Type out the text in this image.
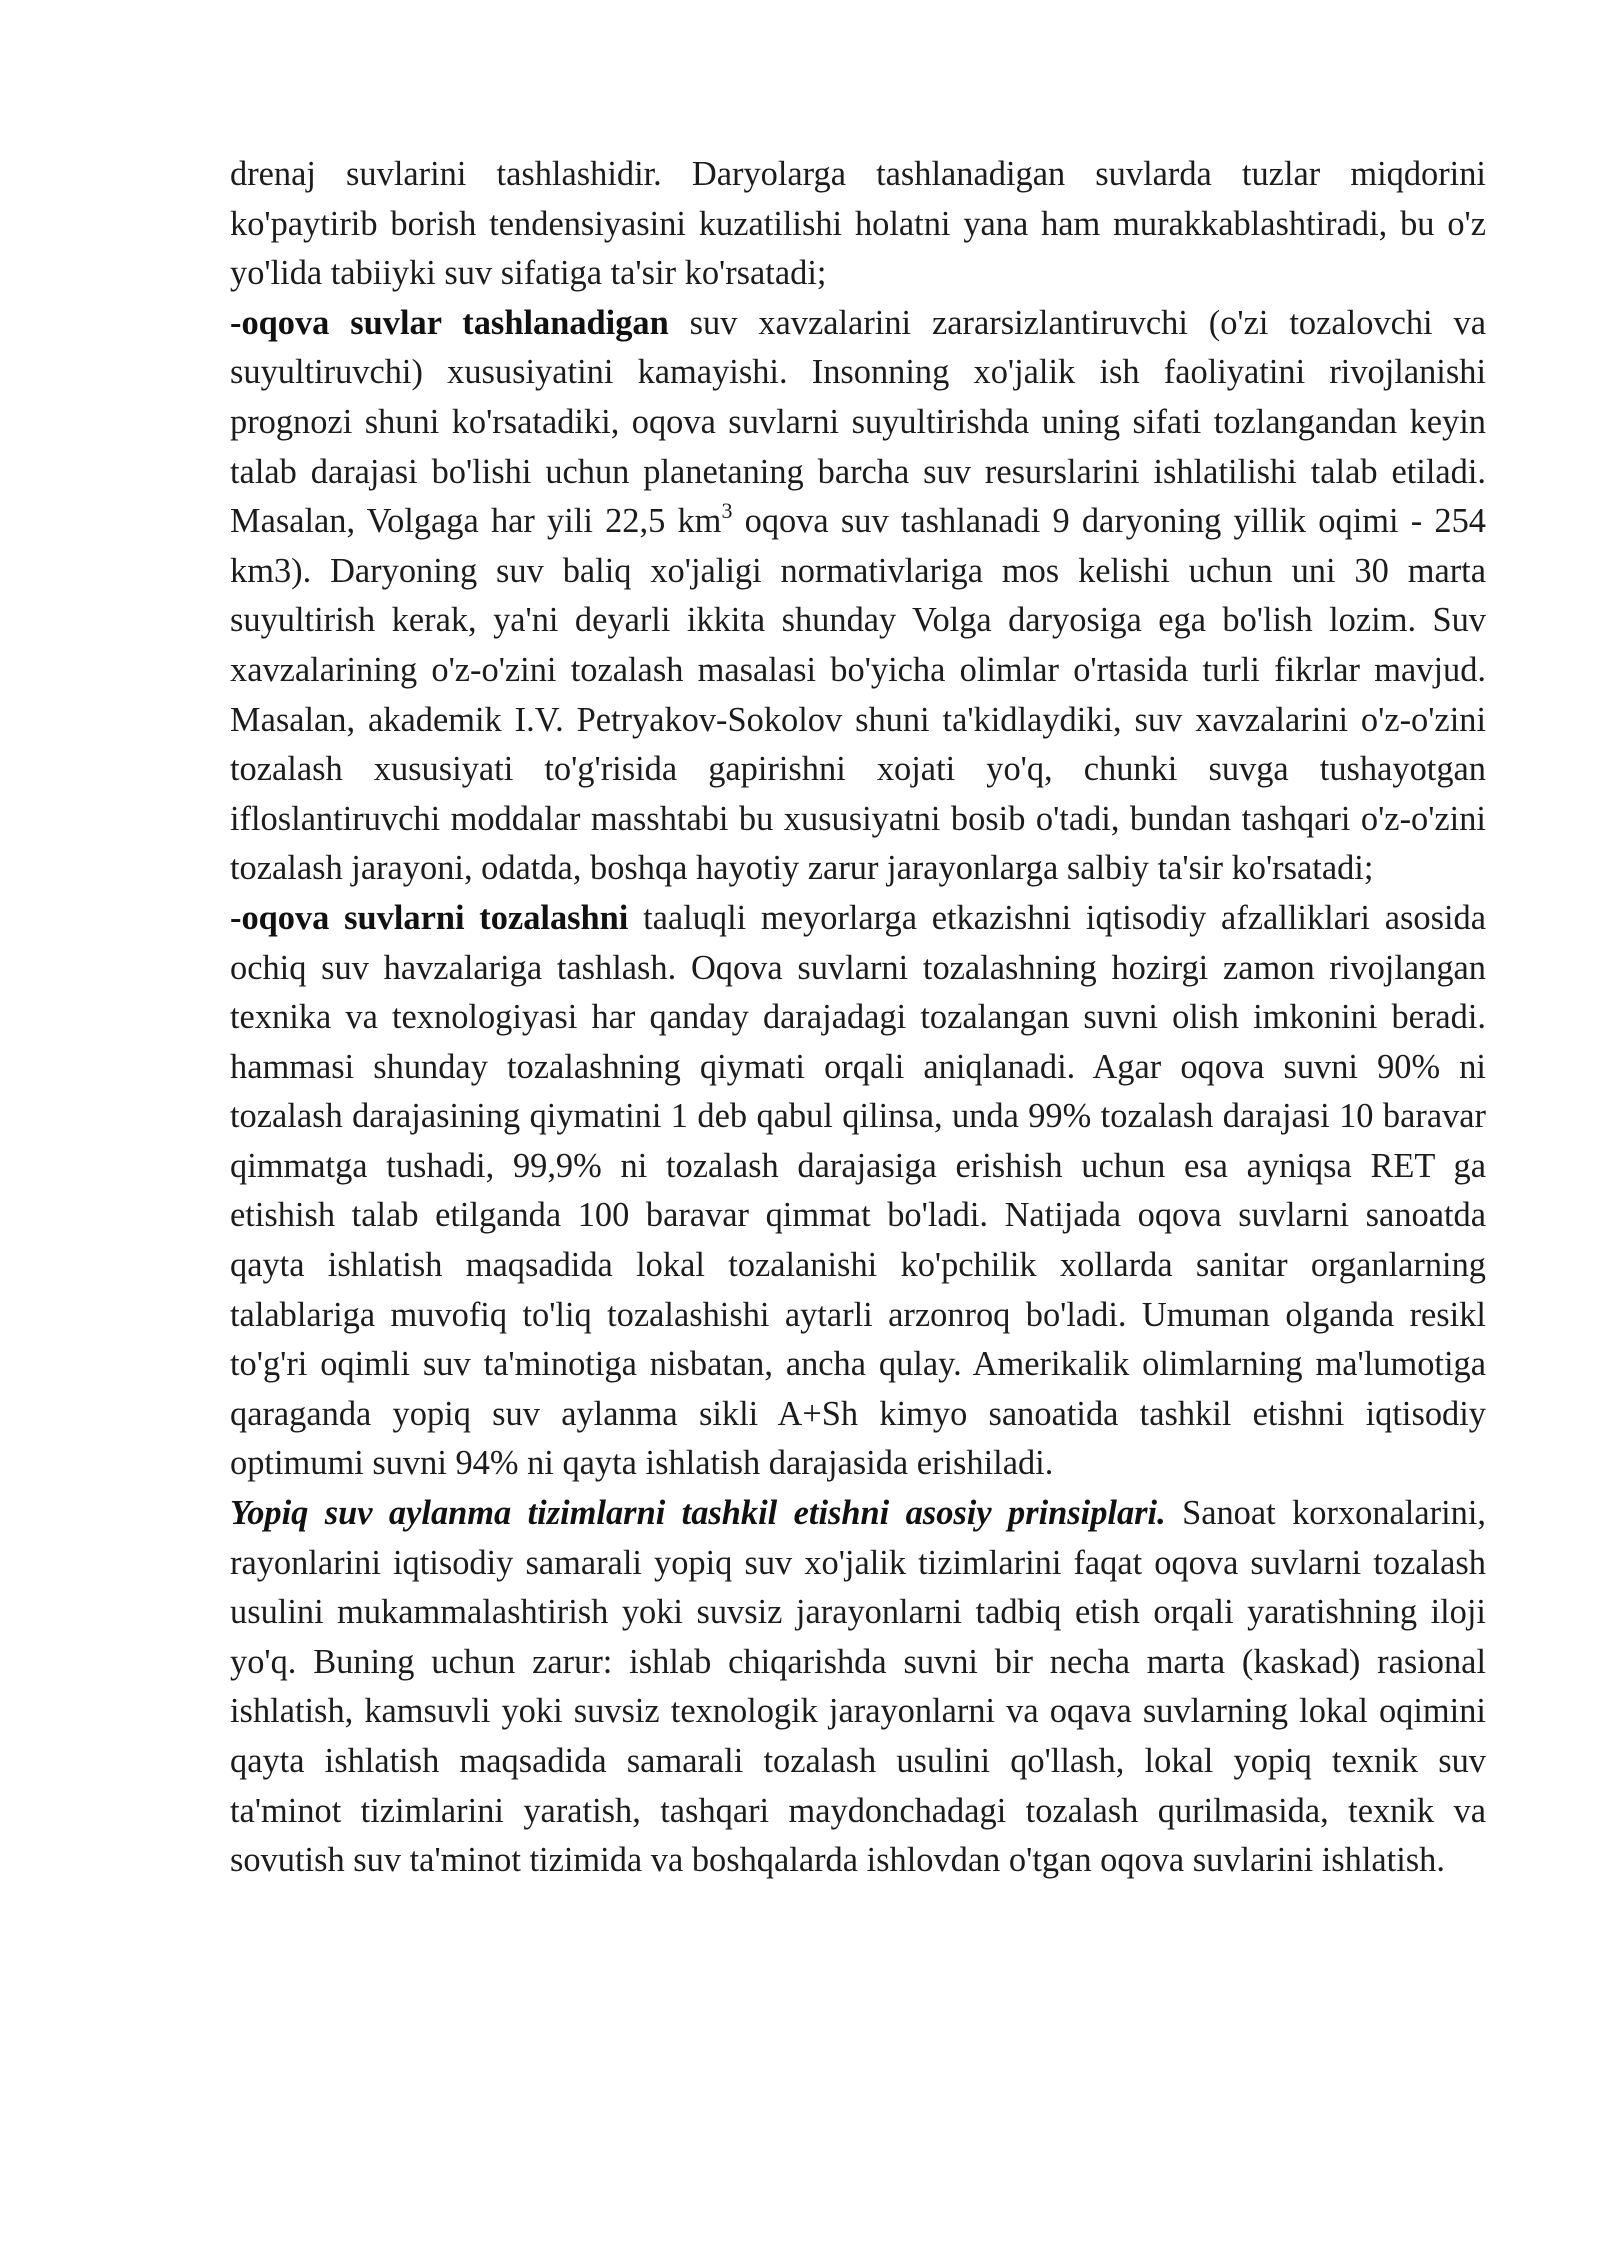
drenaj suvlarini tashlashidir. Daryolarga tashlanadigan suvlarda tuzlar miqdorini ko'paytirib borish tendensiyasini kuzatilishi holatni yana ham murakkablashtiradi, bu o'z yo'lida tabiiyki suv sifatiga ta'sir ko'rsatadi;

-oqova suvlar tashlanadigan suv xavzalarini zararsizlantiruvchi (o'zi tozalovchi va suyultiruvchi) xususiyatini kamayishi. Insonning xo'jalik ish faoliyatini rivojlanishi prognozi shuni ko'rsatadiki, oqova suvlarni suyultirishda uning sifati tozlangandan keyin talab darajasi bo'lishi uchun planetaning barcha suv resurslarini ishlatilishi talab etiladi. Masalan, Volgaga har yili 22,5 $km^3$ oqova suv tashlanadi 9 daryoning yillik oqimi - 254 km3). Daryoning suv baliq xo'jaligi normativlariga mos kelishi uchun uni 30 marta suyultirish kerak, ya'ni deyarli ikkita shunday Volga daryosiga ega bo'lish lozim. Suv xavzalarining o'z-o'zini tozalash masalasi bo'yicha olimlar o'rtasida turli fikrlar mavjud. Masalan, akademik I.V. Petryakov-Sokolov shuni ta'kidlaydiki, suv xavzalarini o'z-o'zini tozalash xususiyati to'g'risida gapirishni xojati yo'q, chunki suvga tushayotgan ifloslantiruvchi moddalar masshtabi bu xususiyatni bosib o'tadi, bundan tashqari o'z-o'zini tozalash jarayoni, odatda, boshqa hayotiy zarur jarayonlarga salbiy ta'sir ko'rsatadi;

-oqova suvlarni tozalashni taaluqli meyorlarga etkazishni iqtisodiy afzalliklari asosida ochiq suv havzalariga tashlash. Oqova suvlarni tozalashning hozirgi zamon rivojlangan texnika va texnologiyasi har qanday darajadagi tozalangan suvni olish imkonini beradi. hammasi shunday tozalashning qiymati orqali aniqlanadi. Agar oqova suvni 90% ni tozalash darajasining qiymatini 1 deb qabul qilinsa, unda 99% tozalash darajasi 10 baravar qimmatga tushadi, 99,9% ni tozalash darajasiga erishish uchun esa ayniqsa RET ga etishish talab etilganda 100 baravar qimmat bo'ladi. Natijada oqova suvlarni sanoatda qayta ishlatish maqsadida lokal tozalanishi ko'pchilik xollarda sanitar organlarning talablariga muvofiq to'liq tozalashishi aytarli arzonroq bo'ladi. Umuman olganda resikl to'g'ri oqimli suv ta'minotiga nisbatan, ancha qulay. Amerikalik olimlarning ma'lumotiga qaraganda yopiq suv aylanma sikli A+Sh kimyo sanoatida tashkil etishni iqtisodiy optimumi suvni 94% ni qayta ishlatish darajasida erishiladi.

Yopiq suv aylanma tizimlarni tashkil etishni asosiy prinsiplari. Sanoat korxonalarini, rayonlarini iqtisodiy samarali yopiq suv xo'jalik tizimlarini faqat oqova suvlarni tozalash usulini mukammalashtirish yoki suvsiz jarayonlarni tadbiq etish orqali yaratishning iloji yo'q. Buning uchun zarur: ishlab chiqarishda suvni bir necha marta (kaskad) rasional ishlatish, kamsuvli yoki suvsiz texnologik jarayonlarni va oqava suvlarning lokal oqimini qayta ishlatish maqsadida samarali tozalash usulini qo'llash, lokal yopiq texnik suv ta'minot tizimlarini yaratish, tashqari maydonchadagi tozalash qurilmasida, texnik va sovutish suv ta'minot tizimida va boshqalarda ishlovdan o'tgan oqova suvlarini ishlatish.
